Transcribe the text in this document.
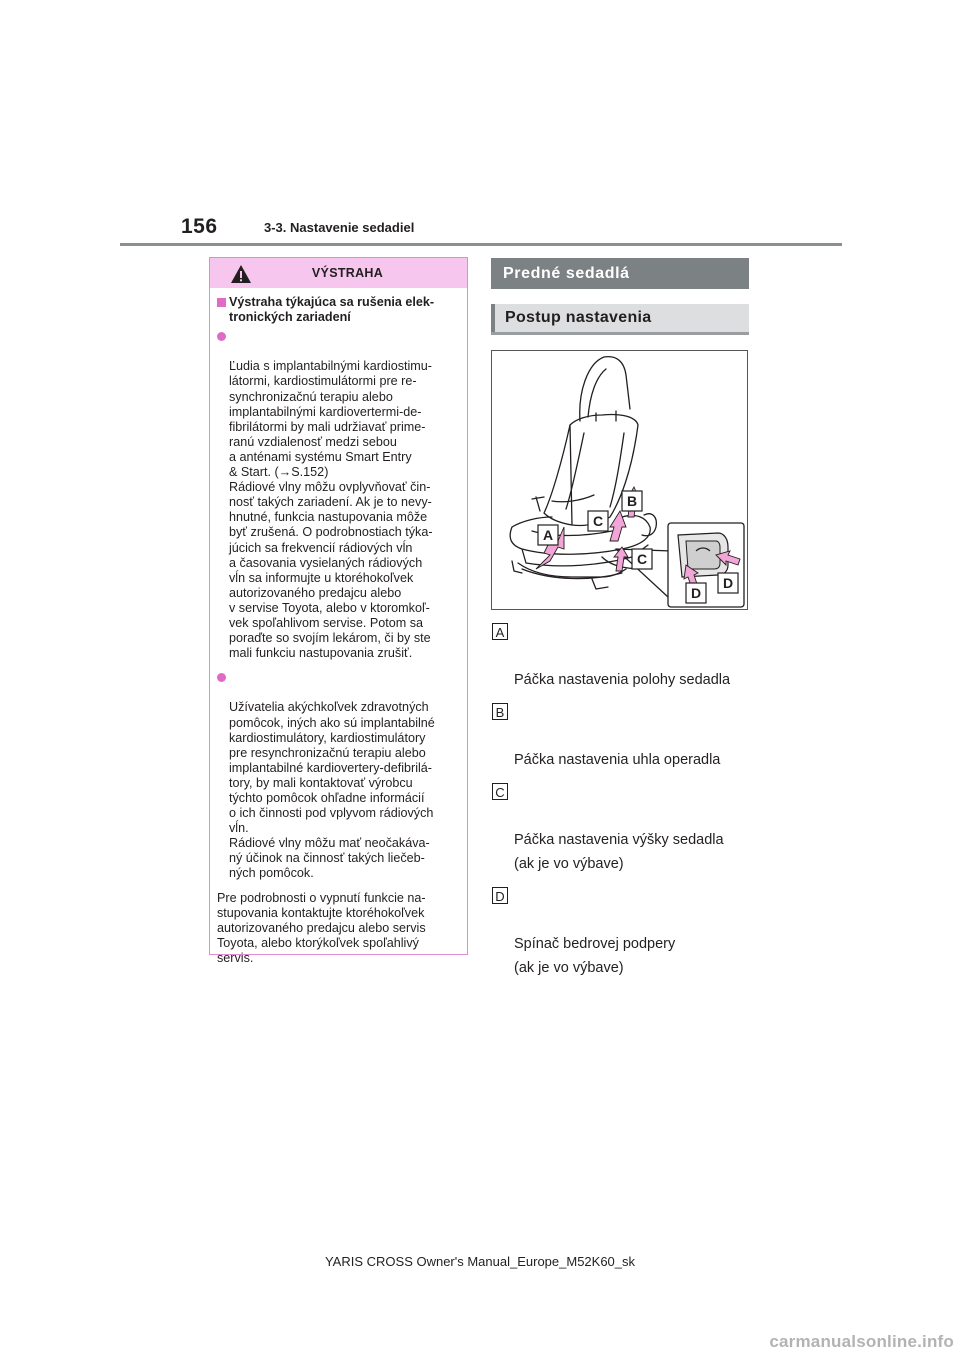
156	3-3. Nastavenie sedadiel
VÝSTRAHA
Výstraha týkajúca sa rušenia elek-
tronických zariadení

Ľudia s implantabilnými kardiostimu-
látormi, kardiostimulátormi pre re-
synchronizačnú terapiu alebo
implantabilnými kardiovertermi-de-
fibrilátormi by mali udržiavať prime-
ranú vzdialenosť medzi sebou
a anténami systému Smart Entry
& Start. (→S.152)
Rádiové vlny môžu ovplyvňovať čin-
nosť takých zariadení. Ak je to nevy-
hnutné, funkcia nastupovania môže
byť zrušená. O podrobnostiach týka-
júcich sa frekvencií rádiových vĺn
a časovania vysielaných rádiových
vĺn sa informujte u ktoréhokoľvek
autorizovaného predajcu alebo
v servise Toyota, alebo v ktoromkoľ-
vek spoľahlivom servise. Potom sa
poraďte so svojím lekárom, či by ste
mali funkciu nastupovania zrušiť.

Užívatelia akýchkoľvek zdravotných
pomôcok, iných ako sú implantabilné
kardiostimulátory, kardiostimulátory
pre resynchronizačnú terapiu alebo
implantabilné kardiovertery-defibrilá-
tory, by mali kontaktovať výrobcu
týchto pomôcok ohľadne informácií
o ich činnosti pod vplyvom rádiových
vĺn.
Rádiové vlny môžu mať neočakáva-
ný účinok na činnosť takých liečeb-
ných pomôcok.

Pre podrobnosti o vypnutí funkcie na-
stupovania kontaktujte ktoréhokoľvek
autorizovaného predajcu alebo servis
Toyota, alebo ktorýkoľvek spoľahlivý
servis.
Predné sedadlá
Postup nastavenia
A
C
B
C
D
D

A

Páčka nastavenia polohy sedadla

B

Páčka nastavenia uhla operadla

C

Páčka nastavenia výšky sedadla
(ak je vo výbave)

D

Spínač bedrovej podpery
(ak je vo výbave)

YARIS CROSS Owner's Manual_Europe_M52K60_sk
carmanualsonline.info
